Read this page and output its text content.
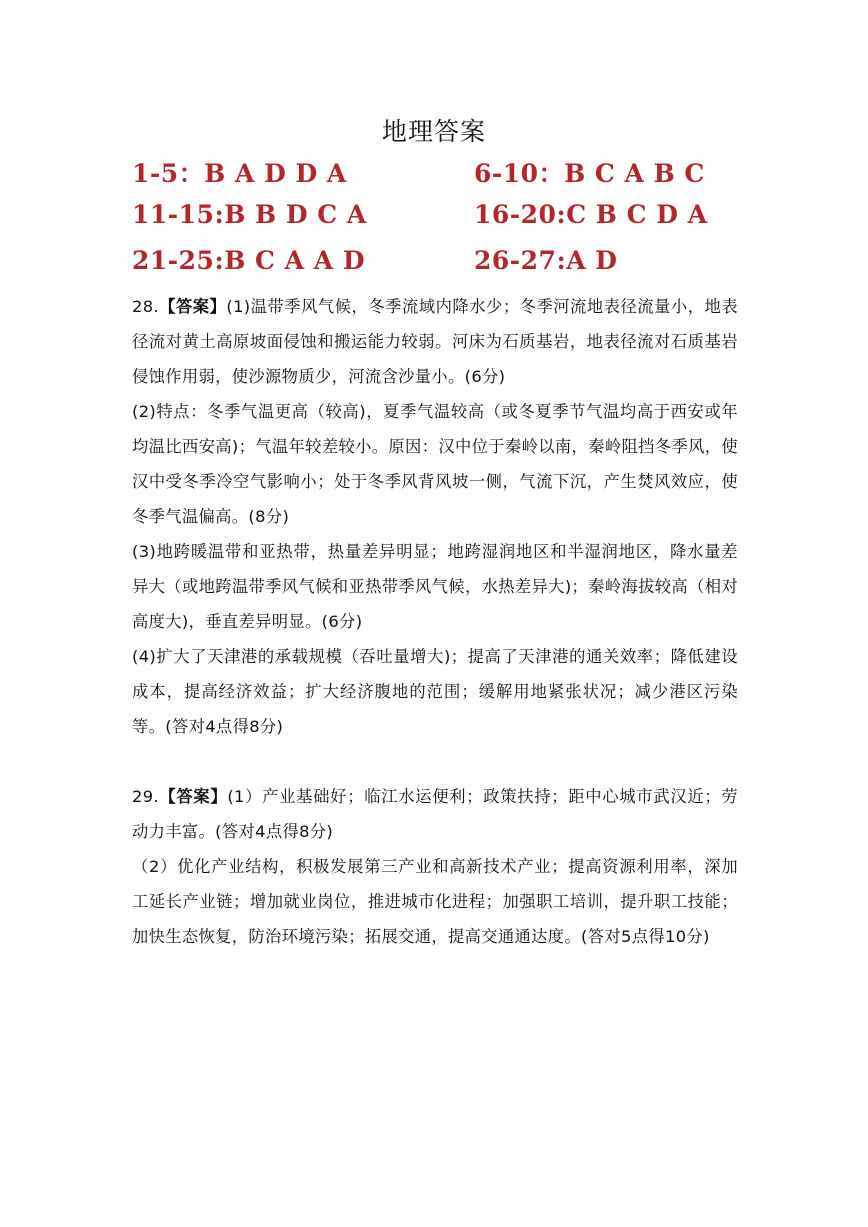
地理答案
1-5：B A D D A	6-10：B C A B C
11-15:B B D C A	16-20:C B C D A
21-25:B C A A D	26-27:A D

28.【答案】(1)温带季风气候，冬季流域内降水少；冬季河流地表径流量小，地表径流对黄土高原坡面侵蚀和搬运能力较弱。河床为石质基岩，地表径流对石质基岩侵蚀作用弱，使沙源物质少，河流含沙量小。(6分)

(2)特点：冬季气温更高（较高)，夏季气温较高（或冬夏季节气温均高于西安或年均温比西安高)；气温年较差较小。原因：汉中位于秦岭以南，秦岭阻挡冬季风，使汉中受冬季冷空气影响小；处于冬季风背风坡一侧，气流下沉，产生焚风效应，使冬季气温偏高。(8分)

(3)地跨暖温带和亚热带，热量差异明显；地跨湿润地区和半湿润地区，降水量差异大（或地跨温带季风气候和亚热带季风气候，水热差异大)；秦岭海拔较高（相对高度大)，垂直差异明显。(6分)

(4)扩大了天津港的承载规模（吞吐量增大)；提高了天津港的通关效率；降低建设成本，提高经济效益；扩大经济腹地的范围；缓解用地紧张状况；减少港区污染等。(答对4点得8分)

29.【答案】(1）产业基础好；临江水运便利；政策扶持；距中心城市武汉近；劳动力丰富。(答对4点得8分)

（2）优化产业结构，积极发展第三产业和高新技术产业；提高资源利用率，深加工延长产业链；增加就业岗位，推进城市化进程；加强职工培训，提升职工技能；加快生态恢复，防治环境污染；拓展交通，提高交通通达度。(答对5点得10分)
